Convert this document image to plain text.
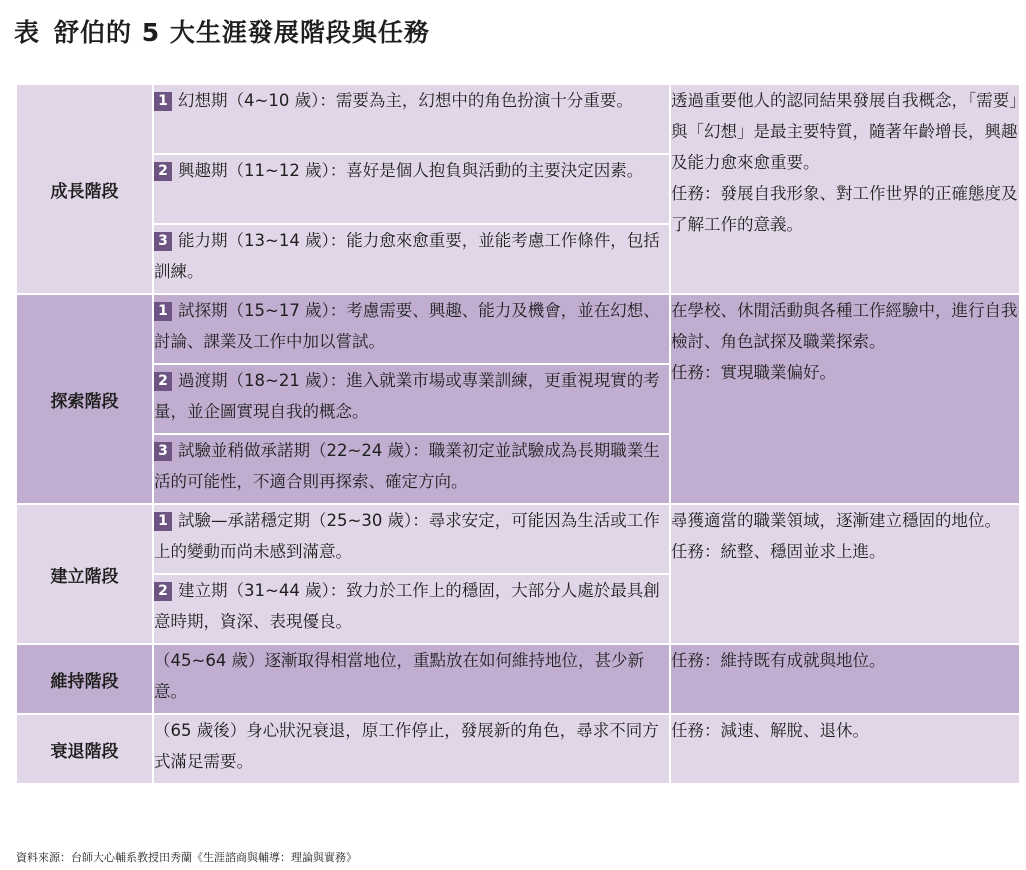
表 舒伯的 5 大生涯發展階段與任務
成長階段	1 幻想期（4~10 歲）：需要為主，幻想中的角色扮演十分重要。	透過重要他人的認同結果發展自我概念，「需要」與「幻想」是最主要特質，隨著年齡增長，興趣及能力愈來愈重要。
任務：發展自我形象、對工作世界的正確態度及了解工作的意義。

	2 興趣期（11~12 歲）：喜好是個人抱負與活動的主要決定因素。	
	3 能力期（13~14 歲）：能力愈來愈重要，並能考慮工作條件，包括訓練。	
探索階段	1 試探期（15~17 歲）：考慮需要、興趣、能力及機會，並在幻想、討論、課業及工作中加以嘗試。	在學校、休閒活動與各種工作經驗中，進行自我檢討、角色試探及職業探索。
任務：實現職業偏好。

	2 過渡期（18~21 歲）：進入就業市場或專業訓練，更重視現實的考量，並企圖實現自我的概念。	
	3 試驗並稍做承諾期（22~24 歲）：職業初定並試驗成為長期職業生活的可能性，不適合則再探索、確定方向。	
建立階段	1 試驗—承諾穩定期（25~30 歲）：尋求安定，可能因為生活或工作上的變動而尚未感到滿意。	尋獲適當的職業領域，逐漸建立穩固的地位。
任務：統整、穩固並求上進。

	2 建立期（31~44 歲）：致力於工作上的穩固，大部分人處於最具創意時期，資深、表現優良。	
維持階段	（45~64 歲）逐漸取得相當地位，重點放在如何維持地位，甚少新意。	任務：維持既有成就與地位。
衰退階段	（65 歲後）身心狀況衰退，原工作停止，發展新的角色，尋求不同方式滿足需要。	任務：減速、解脫、退休。
資料來源：台師大心輔系教授田秀蘭《生涯諮商與輔導：理論與實務》
